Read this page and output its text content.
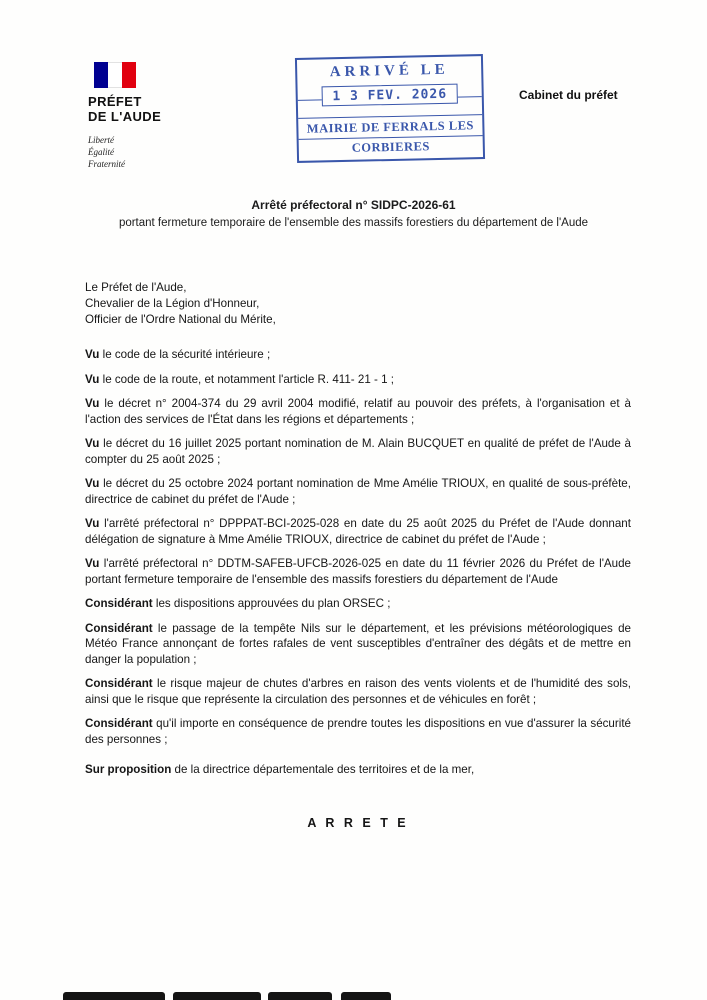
PRÉFET
DE L'AUDE
Liberté
Égalité
Fraternité
ARRIVÉ LE
1 3 FEV. 2026
MAIRIE DE FERRALS LES
CORBIERES
Cabinet du préfet
Arrêté préfectoral n° SIDPC-2026-61
portant fermeture temporaire de l'ensemble des massifs forestiers du département de l'Aude
Le Préfet de l'Aude,
Chevalier de la Légion d'Honneur,
Officier de l'Ordre National du Mérite,

Vu le code de la sécurité intérieure ;

Vu le code de la route, et notamment l'article R. 411- 21 - 1 ;

Vu le décret n° 2004-374 du 29 avril 2004 modifié, relatif au pouvoir des préfets, à l'organisation et à l'action des services de l'État dans les régions et départements ;

Vu le décret du 16 juillet 2025 portant nomination de M. Alain BUCQUET en qualité de préfet de l'Aude à compter du 25 août 2025 ;

Vu le décret du 25 octobre 2024 portant nomination de Mme Amélie TRIOUX, en qualité de sous-préfète, directrice de cabinet du préfet de l'Aude ;

Vu l'arrêté préfectoral n° DPPPAT-BCI-2025-028 en date du 25 août 2025 du Préfet de l'Aude donnant délégation de signature à Mme Amélie TRIOUX, directrice de cabinet du préfet de l'Aude ;

Vu l'arrêté préfectoral n° DDTM-SAFEB-UFCB-2026-025 en date du 11 février 2026 du Préfet de l'Aude portant fermeture temporaire de l'ensemble des massifs forestiers du département de l'Aude

Considérant les dispositions approuvées du plan ORSEC ;

Considérant le passage de la tempête Nils sur le département, et les prévisions météorologiques de Météo France annonçant de fortes rafales de vent susceptibles d'entraîner des dégâts et de mettre en danger la population ;

Considérant le risque majeur de chutes d'arbres en raison des vents violents et de l'humidité des sols, ainsi que le risque que représente la circulation des personnes et de véhicules en forêt ;

Considérant qu'il importe en conséquence de prendre toutes les dispositions en vue d'assurer la sécurité des personnes ;

Sur proposition de la directrice départementale des territoires et de la mer,

A R R E T E
